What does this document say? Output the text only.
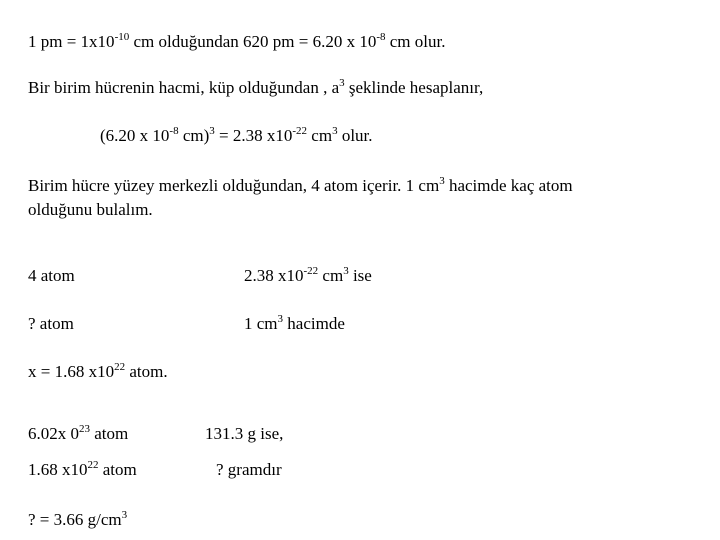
1 pm = $1x10^{-10}$ cm olduğundan 620 pm = 6.20 x $10^{-8}$ cm olur.
Bir birim hücrenin hacmi, küp olduğundan , $a^3$ şeklinde hesaplanır,
(6.20 x $10^{-8}$ cm)$^3$ = 2.38 $x10^{-22}$ $cm^3$ olur.
Birim hücre yüzey merkezli olduğundan, 4 atom içerir. 1 $cm^3$ hacimde kaç atom
olduğunu bulalım.
4 atom	2.38 $x10^{-22}$ $cm^3$ ise
? atom	1 $cm^3$ hacimde
x = 1.68 $x10^{22}$ atom.
6.02x $0^{23}$ atom	131.3 g ise,
1.68 $x10^{22}$ atom	? gramdır
? = 3.66 $g/cm^3$
